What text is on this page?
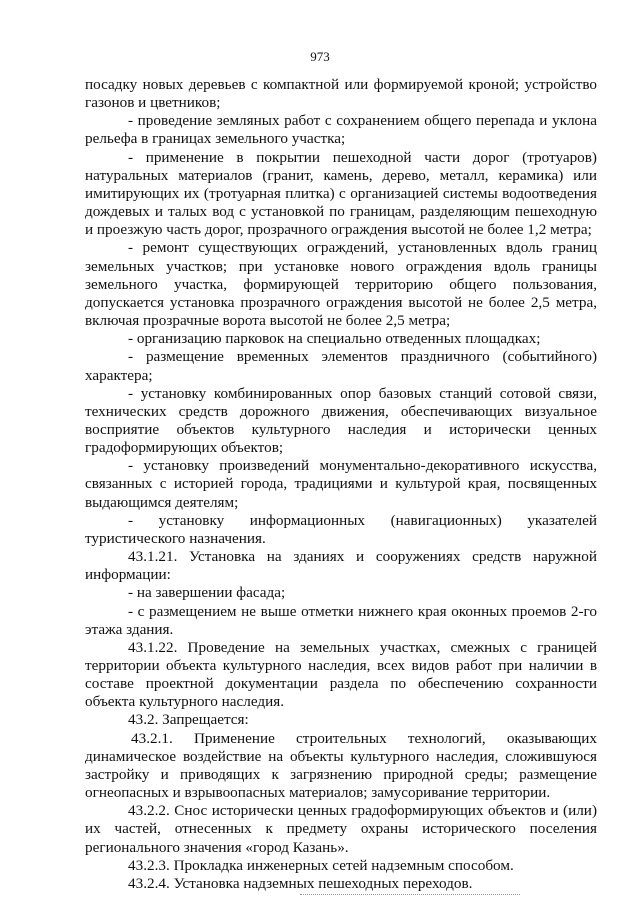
973

посадку новых деревьев с компактной или формируемой кроной; устройство газонов и цветников;

- проведение земляных работ с сохранением общего перепада и уклона рельефа в границах земельного участка;

- применение в покрытии пешеходной части дорог (тротуаров) натуральных материалов (гранит, камень, дерево, металл, керамика) или имитирующих их (тротуарная плитка) с организацией системы водоотведения дождевых и талых вод с установкой по границам, разделяющим пешеходную и проезжую часть дорог, прозрачного ограждения высотой не более 1,2 метра;

- ремонт существующих ограждений, установленных вдоль границ земельных участков; при установке нового ограждения вдоль границы земельного участка, формирующей территорию общего пользования, допускается установка прозрачного ограждения высотой не более 2,5 метра, включая прозрачные ворота высотой не более 2,5 метра;

- организацию парковок на специально отведенных площадках;

- размещение временных элементов праздничного (событийного) характера;

- установку комбинированных опор базовых станций сотовой связи, технических средств дорожного движения, обеспечивающих визуальное восприятие объектов культурного наследия и исторически ценных градоформирующих объектов;

- установку произведений монументально-декоративного искусства, связанных с историей города, традициями и культурой края, посвященных выдающимся деятелям;

- установку информационных (навигационных) указателей туристического назначения.

43.1.21. Установка на зданиях и сооружениях средств наружной информации:

- на завершении фасада;

- с размещением не выше отметки нижнего края оконных проемов 2-го этажа здания.

43.1.22. Проведение на земельных участках, смежных с границей территории объекта культурного наследия, всех видов работ при наличии в составе проектной документации раздела по обеспечению сохранности объекта культурного наследия.

43.2. Запрещается:

43.2.1. Применение строительных технологий, оказывающих динамическое воздействие на объекты культурного наследия, сложившуюся застройку и приводящих к загрязнению природной среды; размещение огнеопасных и взрывоопасных материалов; замусоривание территории.

43.2.2. Снос исторически ценных градоформирующих объектов и (или) их частей, отнесенных к предмету охраны исторического поселения регионального значения «город Казань».

43.2.3. Прокладка инженерных сетей надземным способом.

43.2.4. Установка надземных пешеходных переходов.
